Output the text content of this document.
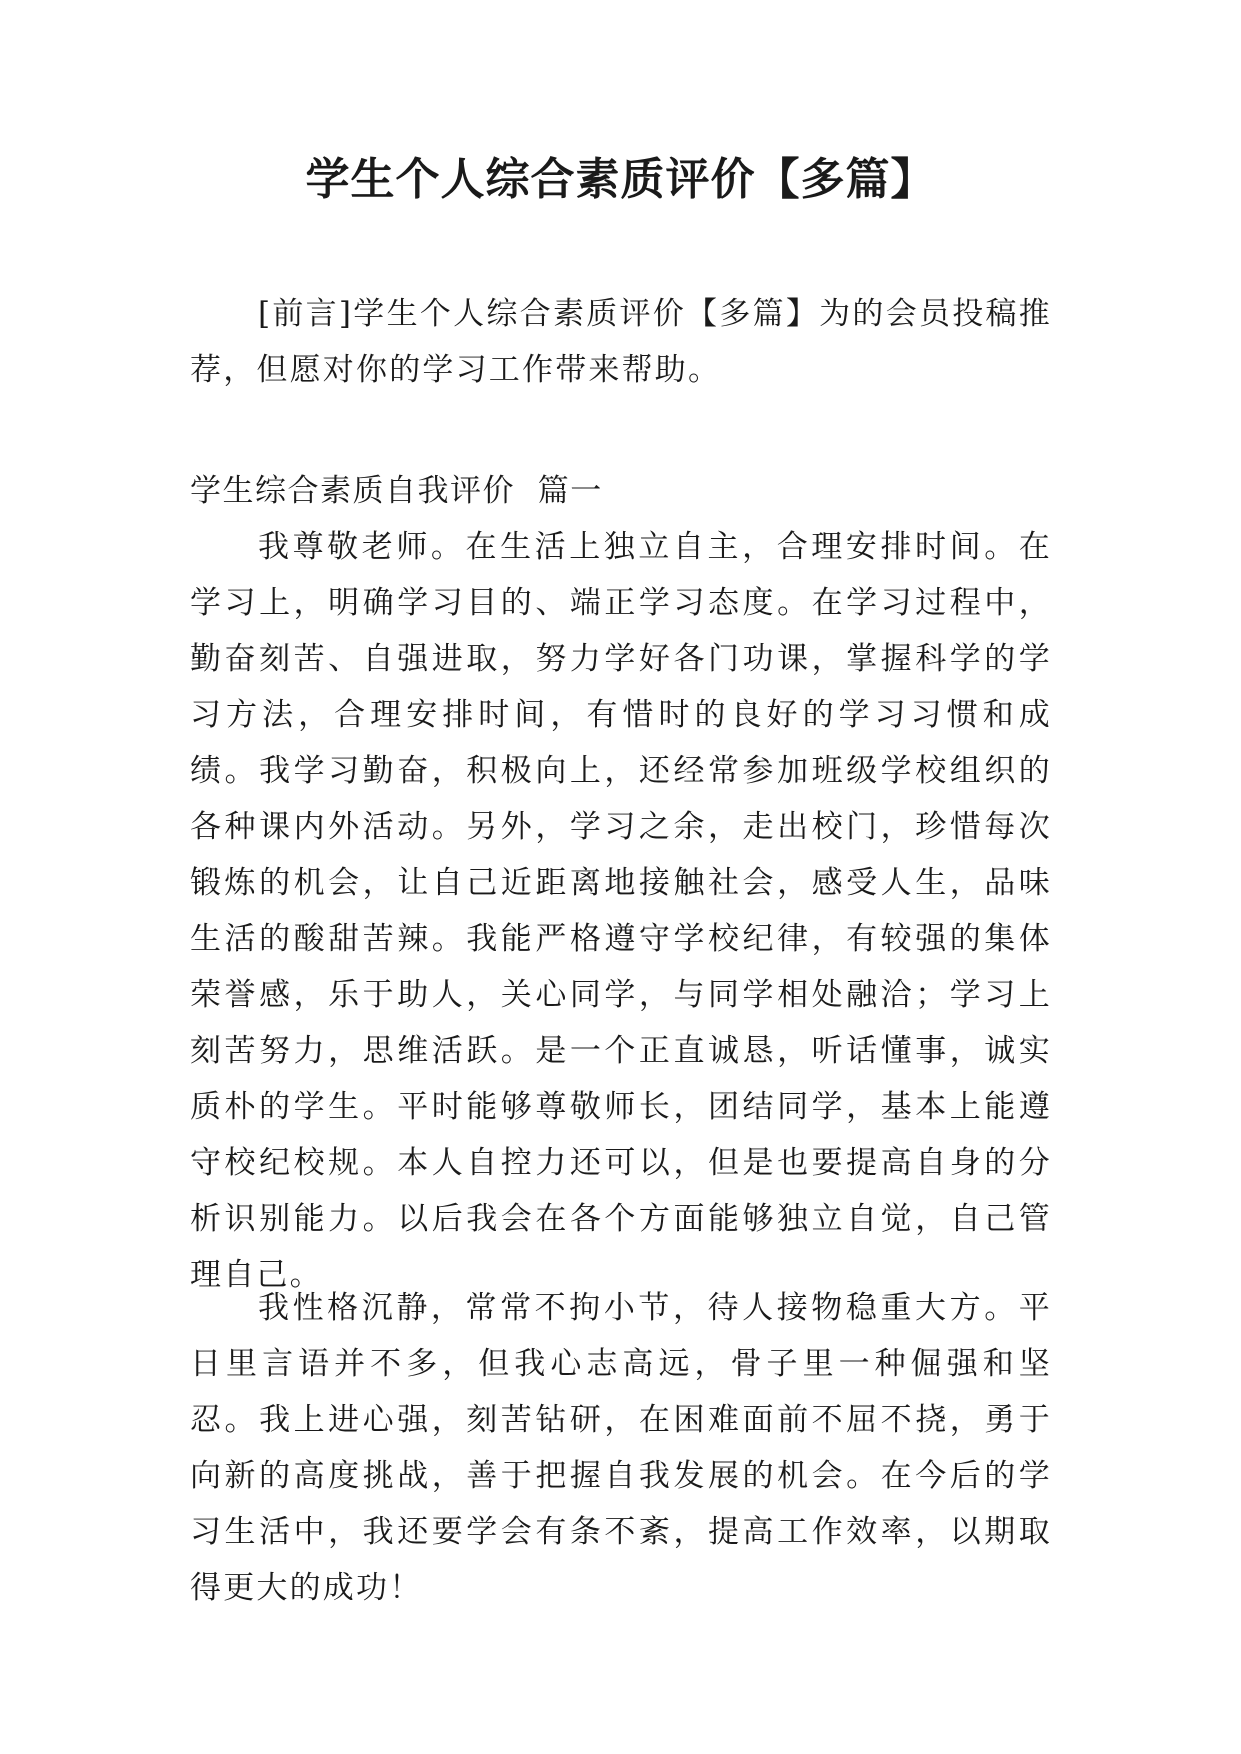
学生个人综合素质评价【多篇】

[前言]学生个人综合素质评价【多篇】为的会员投稿推荐，但愿对你的学习工作带来帮助。

学生综合素质自我评价  篇一

我尊敬老师。在生活上独立自主，合理安排时间。在学习上，明确学习目的、端正学习态度。在学习过程中，勤奋刻苦、自强进取，努力学好各门功课，掌握科学的学习方法，合理安排时间，有惜时的良好的学习习惯和成绩。我学习勤奋，积极向上，还经常参加班级学校组织的各种课内外活动。另外，学习之余，走出校门，珍惜每次锻炼的机会，让自己近距离地接触社会，感受人生，品味生活的酸甜苦辣。我能严格遵守学校纪律，有较强的集体荣誉感，乐于助人，关心同学，与同学相处融洽；学习上刻苦努力，思维活跃。是一个正直诚恳，听话懂事，诚实质朴的学生。平时能够尊敬师长，团结同学，基本上能遵守校纪校规。本人自控力还可以，但是也要提高自身的分析识别能力。以后我会在各个方面能够独立自觉，自己管理自己。

我性格沉静，常常不拘小节，待人接物稳重大方。平日里言语并不多，但我心志高远，骨子里一种倔强和坚忍。我上进心强，刻苦钻研，在困难面前不屈不挠，勇于向新的高度挑战，善于把握自我发展的机会。在今后的学习生活中，我还要学会有条不紊，提高工作效率，以期取得更大的成功！
